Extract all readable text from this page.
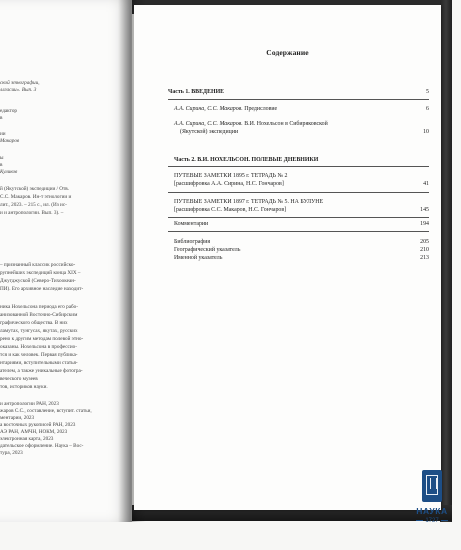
ской этнографии,
ллгасии». Вып. 3
едактор
в
ии
Макаров
ы
в
Куликов
й (Якутской) экспедиции / Отв.
С.С. Макаров. Ин-т этнологии и
лит., 2023. – 215 с., ил. (Из ис-
и и антропологии. Вып. 3). –
– признанный классик российско-
рупнейших экспедиций конца XIX –
Джугджуской (Северо-Тихоокеан-
ПИ). Его архивное наследие находит-
ника Нохельсона периода его рабо-
анизованной Восточно-Сибирским
графического общества. В них
ламутах, тунгусах, якутах, русских
рено к другим методам полевой этно-
оказаны. Нохельсона в профессио-
тся и как человек. Первая публика-
нтариями, вступительными статья-
ателем, а также уникальные фотогра-
веческого музеев
тов, историков науки.
и антропологии РАН, 2023
жаров С.С., составление, вступит. статьи,
ментарии, 2023
а восточных рукописей РАН, 2023
АЭ РАН, АМЧН, НОКМ, 2023
электронная карта, 2023
дательское оформление. Наука – Вос-
тура, 2023
Содержание
Часть 1. ВВЕДЕНИЕ	5
А.А. Сирина, С.С. Макаров. Предисловие	6
А.А. Сирина, С.С. Макаров. В.И. Нохельсон в Сибиряковской
(Якутской) экспедиции	10
Часть 2. В.И. НОХЕЛЬСОН. ПОЛЕВЫЕ ДНЕВНИКИ
ПУТЕВЫЕ ЗАМЕТКИ 1895 г. ТЕТРАДЬ № 2
[расшифровка А.А. Сирина, Н.С. Гончаров]	41
ПУТЕВЫЕ ЗАМЕТКИ 1897 г. ТЕТРАДЬ № 5. НА БУЛУНЕ
[расшифровка С.С. Макаров, Н.С. Гончаров]	145
Комментарии	194
Библиография	205
Географический указатель	210
Именной указатель	213
НАУКА
1727
